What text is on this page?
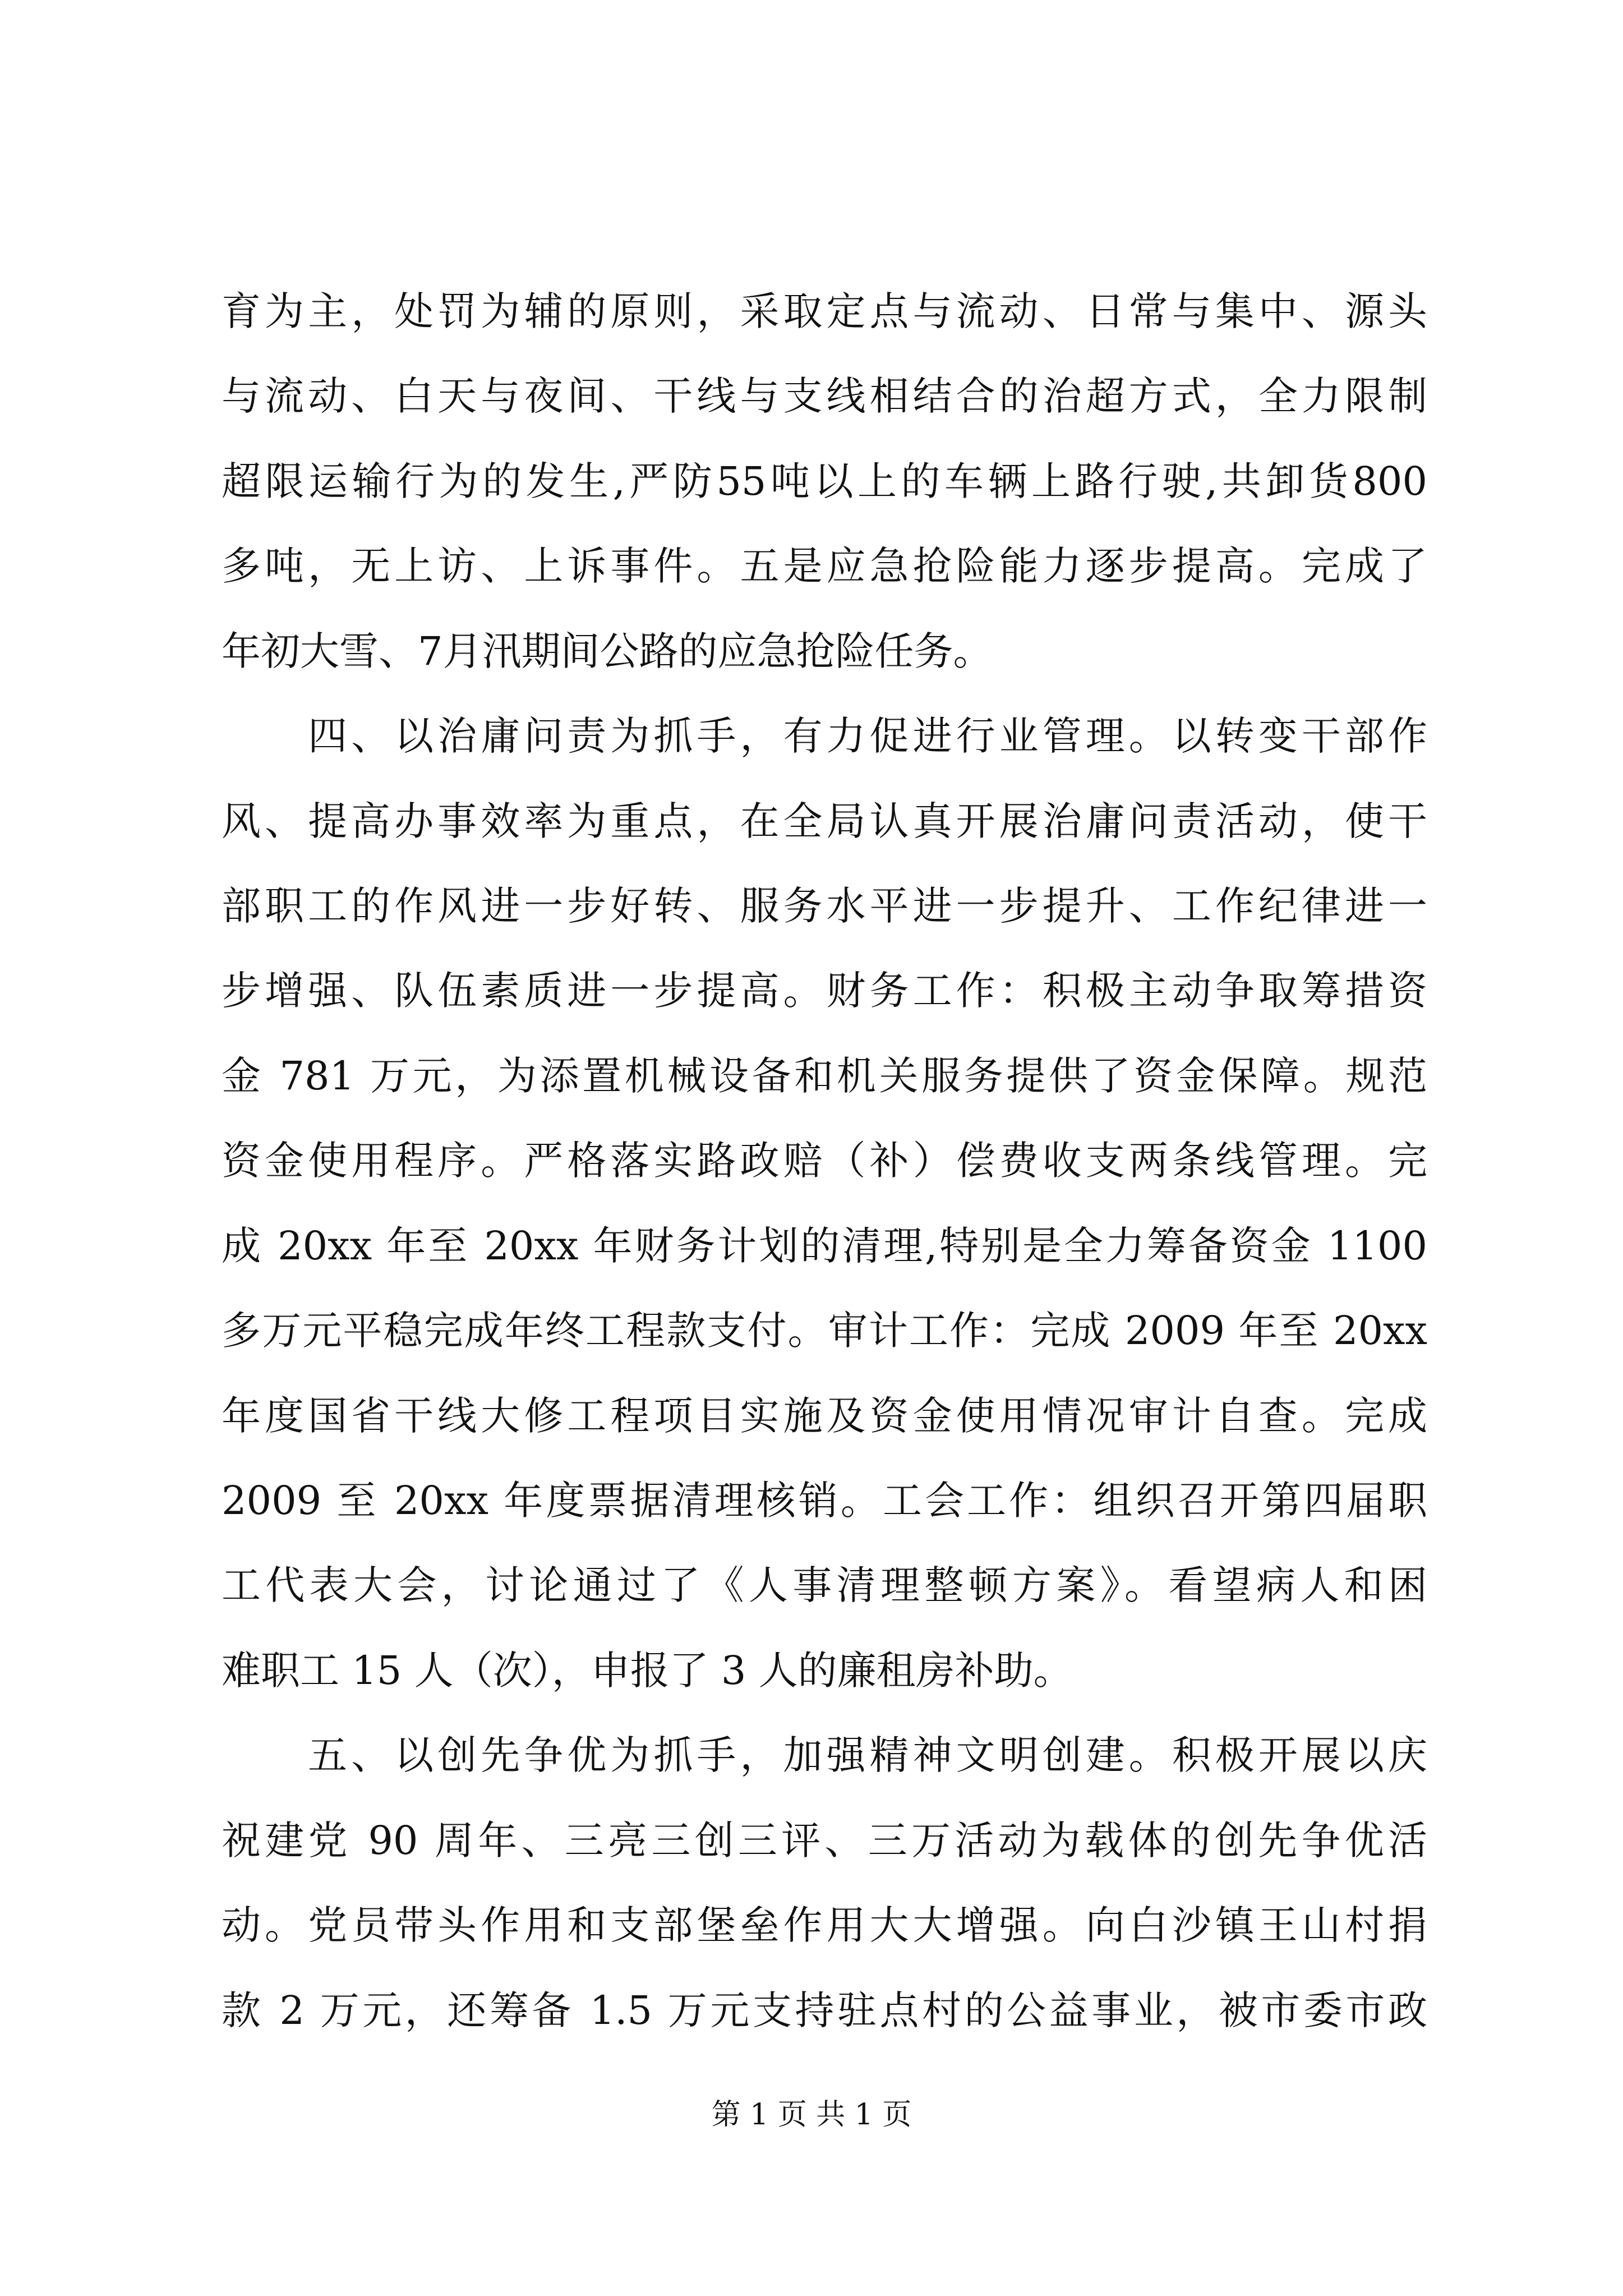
育为主，处罚为辅的原则，采取定点与流动、日常与集中、源头
与流动、白天与夜间、干线与支线相结合的治超方式，全力限制
超限运输行为的发生,严防55吨以上的车辆上路行驶,共卸货800
多吨，无上访、上诉事件。五是应急抢险能力逐步提高。完成了
年初大雪、7月汛期间公路的应急抢险任务。
　　四、以治庸问责为抓手，有力促进行业管理。以转变干部作
风、提高办事效率为重点，在全局认真开展治庸问责活动，使干
部职工的作风进一步好转、服务水平进一步提升、工作纪律进一
步增强、队伍素质进一步提高。财务工作：积极主动争取筹措资
金 781 万元，为添置机械设备和机关服务提供了资金保障。规范
资金使用程序。严格落实路政赔（补）偿费收支两条线管理。完
成 20xx 年至 20xx 年财务计划的清理,特别是全力筹备资金 1100
多万元平稳完成年终工程款支付。审计工作：完成 2009 年至 20xx
年度国省干线大修工程项目实施及资金使用情况审计自查。完成
2009 至 20xx 年度票据清理核销。工会工作：组织召开第四届职
工代表大会，讨论通过了《人事清理整顿方案》。看望病人和困
难职工 15 人（次），申报了 3 人的廉租房补助。
　　五、以创先争优为抓手，加强精神文明创建。积极开展以庆
祝建党 90 周年、三亮三创三评、三万活动为载体的创先争优活
动。党员带头作用和支部堡垒作用大大增强。向白沙镇王山村捐
款 2 万元，还筹备 1.5 万元支持驻点村的公益事业，被市委市政
第 1 页 共 1 页
